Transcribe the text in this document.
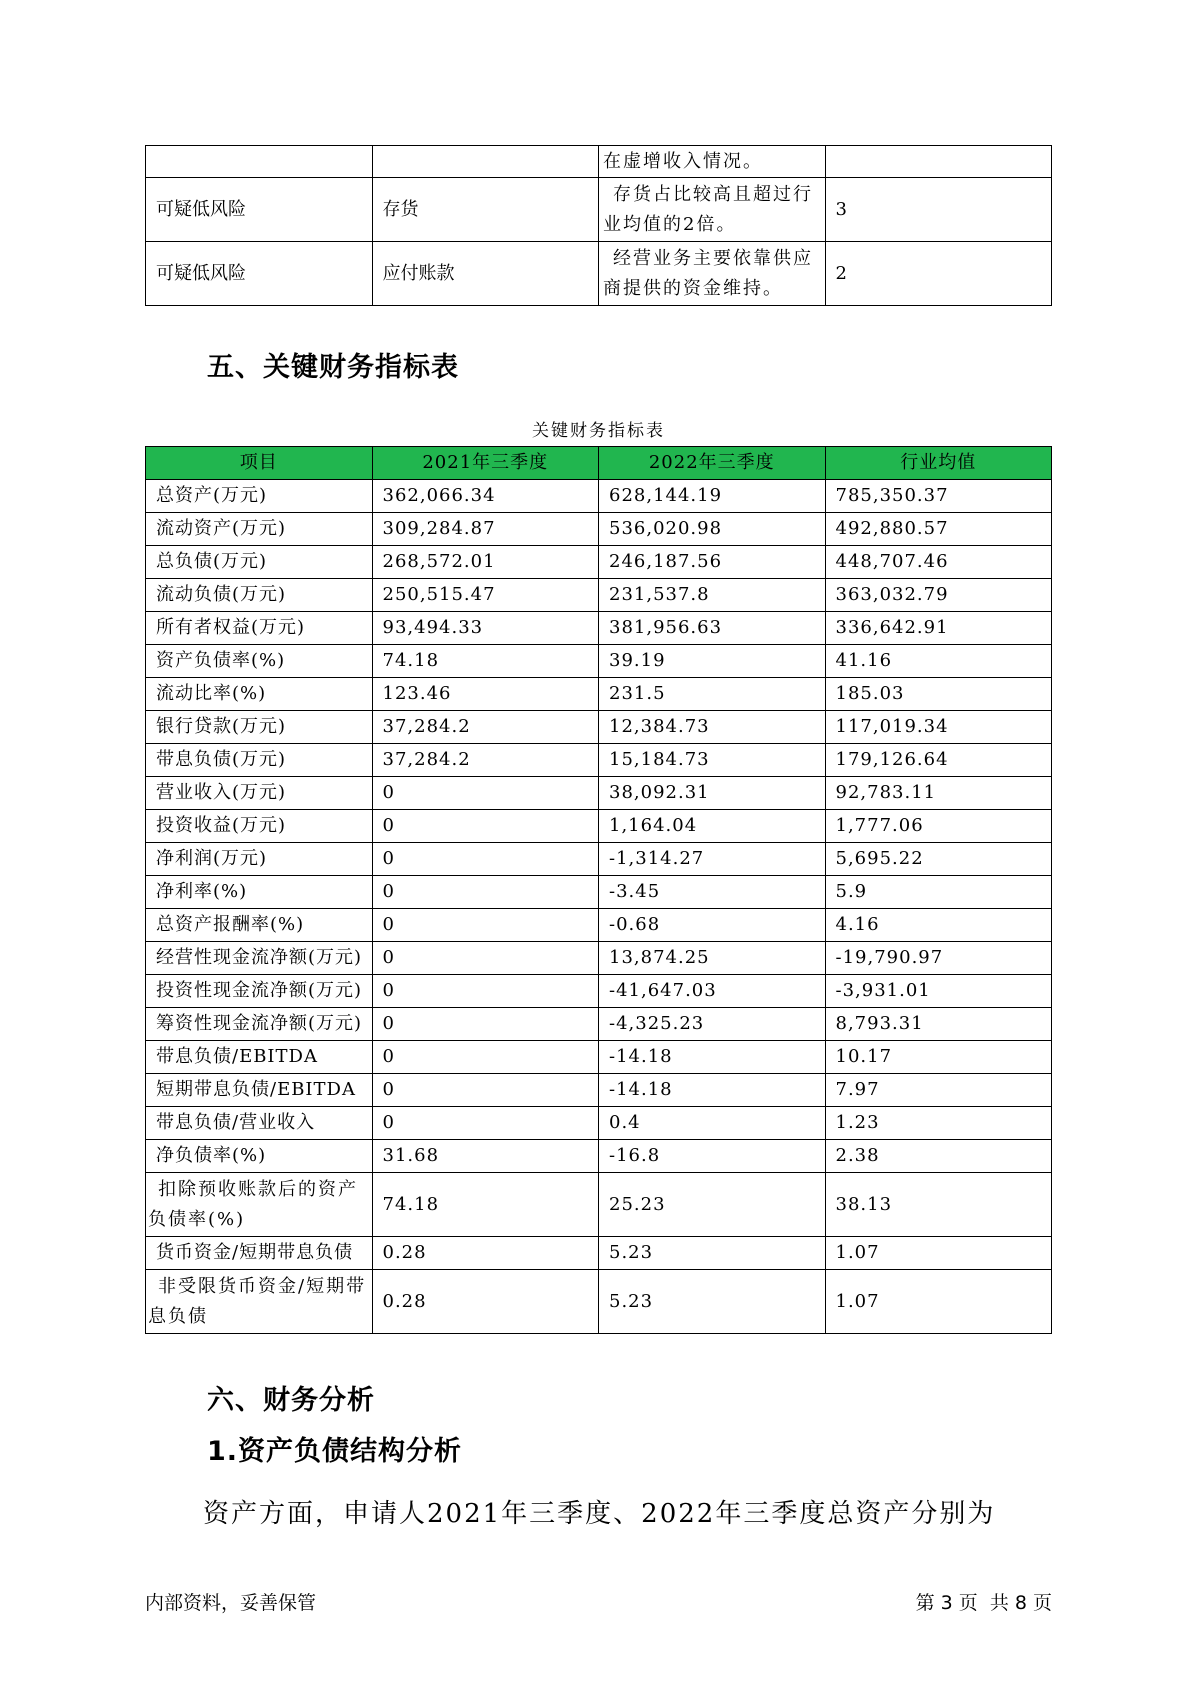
		在虚增收入情况。	

可疑低风险	存货	存货占比较高且超过行
业均值的2倍。	3
可疑低风险	应付账款	经营业务主要依靠供应
商提供的资金维持。	2
五、关键财务指标表
关键财务指标表
项目	2021年三季度	2022年三季度	行业均值
总资产(万元)	362,066.34	628,144.19	785,350.37
流动资产(万元)	309,284.87	536,020.98	492,880.57
总负债(万元)	268,572.01	246,187.56	448,707.46
流动负债(万元)	250,515.47	231,537.8	363,032.79
所有者权益(万元)	93,494.33	381,956.63	336,642.91
资产负债率(%)	74.18	39.19	41.16
流动比率(%)	123.46	231.5	185.03
银行贷款(万元)	37,284.2	12,384.73	117,019.34
带息负债(万元)	37,284.2	15,184.73	179,126.64
营业收入(万元)	0	38,092.31	92,783.11
投资收益(万元)	0	1,164.04	1,777.06
净利润(万元)	0	-1,314.27	5,695.22
净利率(%)	0	-3.45	5.9
总资产报酬率(%)	0	-0.68	4.16
经营性现金流净额(万元)	0	13,874.25	-19,790.97
投资性现金流净额(万元)	0	-41,647.03	-3,931.01
筹资性现金流净额(万元)	0	-4,325.23	8,793.31
带息负债/EBITDA	0	-14.18	10.17
短期带息负债/EBITDA	0	-14.18	7.97
带息负债/营业收入	0	0.4	1.23
净负债率(%)	31.68	-16.8	2.38

扣除预收账款后的资产
负债率(%)	74.18	25.23	38.13
货币资金/短期带息负债	0.28	5.23	1.07

非受限货币资金/短期带
息负债	0.28	5.23	1.07
六、财务分析
1.资产负债结构分析

资产方面，申请人2021年三季度、2022年三季度总资产分别为

内部资料，妥善保管	第 3 页  共 8 页
